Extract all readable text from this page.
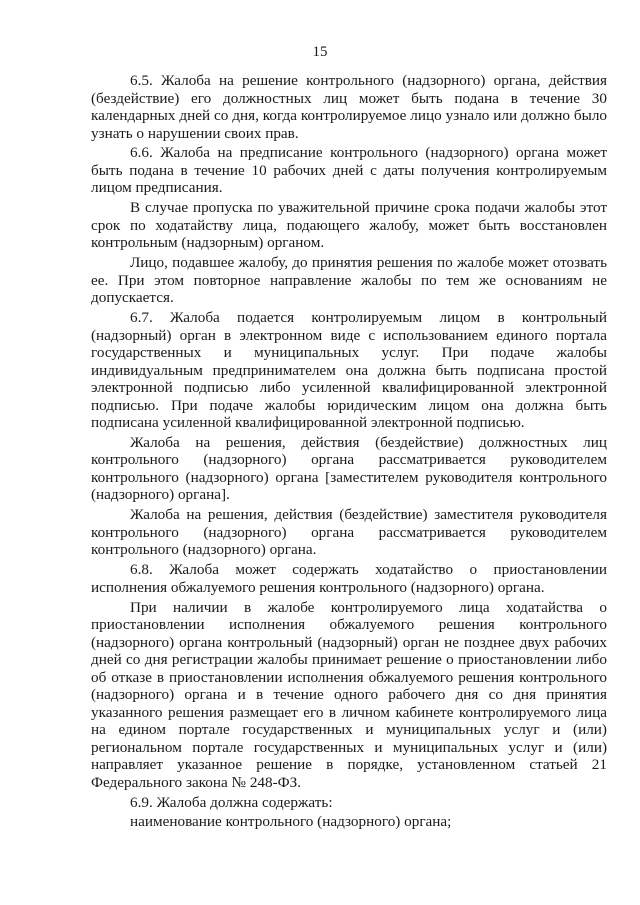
15

6.5. Жалоба на решение контрольного (надзорного) органа, действия (бездействие) его должностных лиц может быть подана в течение 30 календарных дней со дня, когда контролируемое лицо узнало или должно было узнать о нарушении своих прав.

6.6. Жалоба на предписание контрольного (надзорного) органа может быть подана в течение 10 рабочих дней с даты получения контролируемым лицом предписания.

В случае пропуска по уважительной причине срока подачи жалобы этот срок по ходатайству лица, подающего жалобу, может быть восстановлен контрольным (надзорным) органом.

Лицо, подавшее жалобу, до принятия решения по жалобе может отозвать ее. При этом повторное направление жалобы по тем же основаниям не допускается.

6.7. Жалоба подается контролируемым лицом в контрольный (надзорный) орган в электронном виде с использованием единого портала государственных и муниципальных услуг. При подаче жалобы индивидуальным предпринимателем она должна быть подписана простой электронной подписью либо усиленной квалифицированной электронной подписью. При подаче жалобы юридическим лицом она должна быть подписана усиленной квалифицированной электронной подписью.

Жалоба на решения, действия (бездействие) должностных лиц контрольного (надзорного) органа рассматривается руководителем контрольного (надзорного) органа [заместителем руководителя контрольного (надзорного) органа].

Жалоба на решения, действия (бездействие) заместителя руководителя контрольного (надзорного) органа рассматривается руководителем контрольного (надзорного) органа.

6.8. Жалоба может содержать ходатайство о приостановлении исполнения обжалуемого решения контрольного (надзорного) органа.

При наличии в жалобе контролируемого лица ходатайства о приостановлении исполнения обжалуемого решения контрольного (надзорного) органа контрольный (надзорный) орган не позднее двух рабочих дней со дня регистрации жалобы принимает решение о приостановлении либо об отказе в приостановлении исполнения обжалуемого решения контрольного (надзорного) органа и в течение одного рабочего дня со дня принятия указанного решения размещает его в личном кабинете контролируемого лица на едином портале государственных и муниципальных услуг и (или) региональном портале государственных и муниципальных услуг и (или) направляет указанное решение в порядке, установленном статьей 21 Федерального закона № 248-ФЗ.

6.9. Жалоба должна содержать:

наименование контрольного (надзорного) органа;
